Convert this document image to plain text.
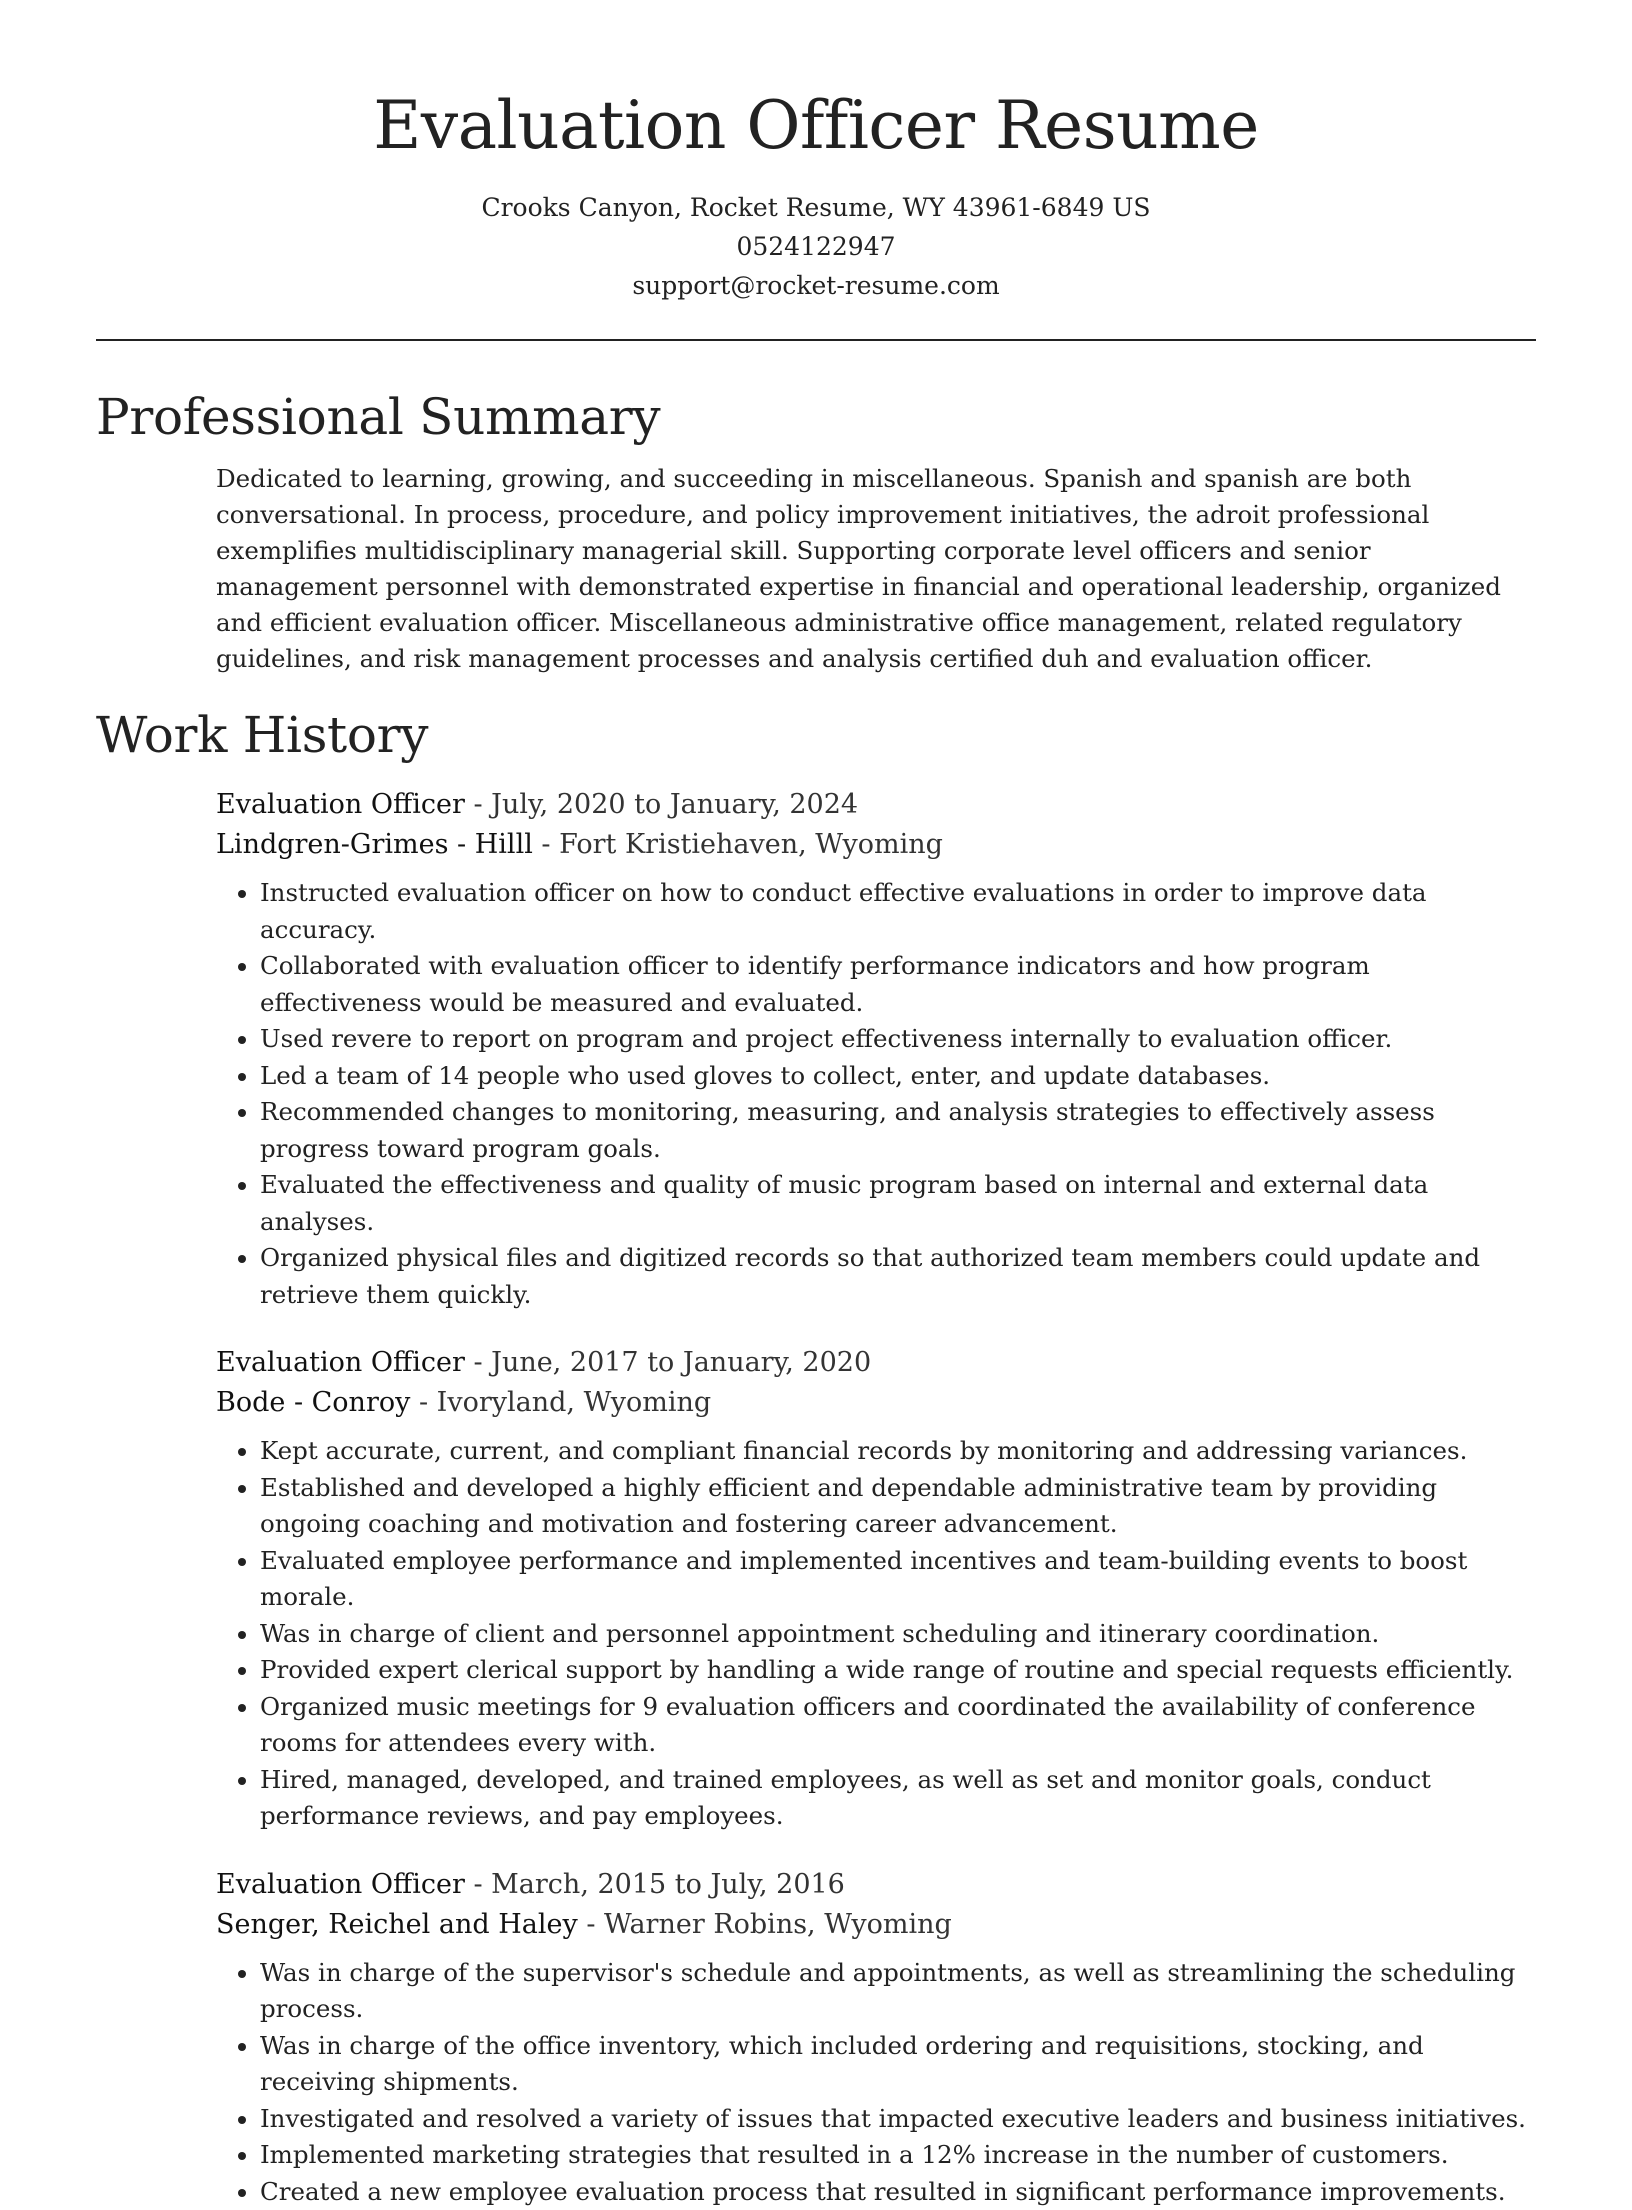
Evaluation Officer Resume
Crooks Canyon, Rocket Resume, WY 43961-6849 US
0524122947
support@rocket-resume.com
Professional Summary

Dedicated to learning, growing, and succeeding in miscellaneous. Spanish and spanish are both conversational. In process, procedure, and policy improvement initiatives, the adroit professional exemplifies multidisciplinary managerial skill. Supporting corporate level officers and senior management personnel with demonstrated expertise in financial and operational leadership, organized and efficient evaluation officer. Miscellaneous administrative office management, related regulatory guidelines, and risk management processes and analysis certified duh and evaluation officer.

Work History
Evaluation Officer - July, 2020 to January, 2024
Lindgren-Grimes - Hilll - Fort Kristiehaven, Wyoming
• Instructed evaluation officer on how to conduct effective evaluations in order to improve data accuracy.
• Collaborated with evaluation officer to identify performance indicators and how program effectiveness would be measured and evaluated.
• Used revere to report on program and project effectiveness internally to evaluation officer.
• Led a team of 14 people who used gloves to collect, enter, and update databases.
• Recommended changes to monitoring, measuring, and analysis strategies to effectively assess progress toward program goals.
• Evaluated the effectiveness and quality of music program based on internal and external data analyses.
• Organized physical files and digitized records so that authorized team members could update and retrieve them quickly.
Evaluation Officer - June, 2017 to January, 2020
Bode - Conroy - Ivoryland, Wyoming
• Kept accurate, current, and compliant financial records by monitoring and addressing variances.
• Established and developed a highly efficient and dependable administrative team by providing ongoing coaching and motivation and fostering career advancement.
• Evaluated employee performance and implemented incentives and team-building events to boost morale.
• Was in charge of client and personnel appointment scheduling and itinerary coordination.
• Provided expert clerical support by handling a wide range of routine and special requests efficiently.
• Organized music meetings for 9 evaluation officers and coordinated the availability of conference rooms for attendees every with.
• Hired, managed, developed, and trained employees, as well as set and monitor goals, conduct performance reviews, and pay employees.
Evaluation Officer - March, 2015 to July, 2016
Senger, Reichel and Haley - Warner Robins, Wyoming
• Was in charge of the supervisor's schedule and appointments, as well as streamlining the scheduling process.
• Was in charge of the office inventory, which included ordering and requisitions, stocking, and receiving shipments.
• Investigated and resolved a variety of issues that impacted executive leaders and business initiatives.
• Implemented marketing strategies that resulted in a 12% increase in the number of customers.
• Created a new employee evaluation process that resulted in significant performance improvements.
